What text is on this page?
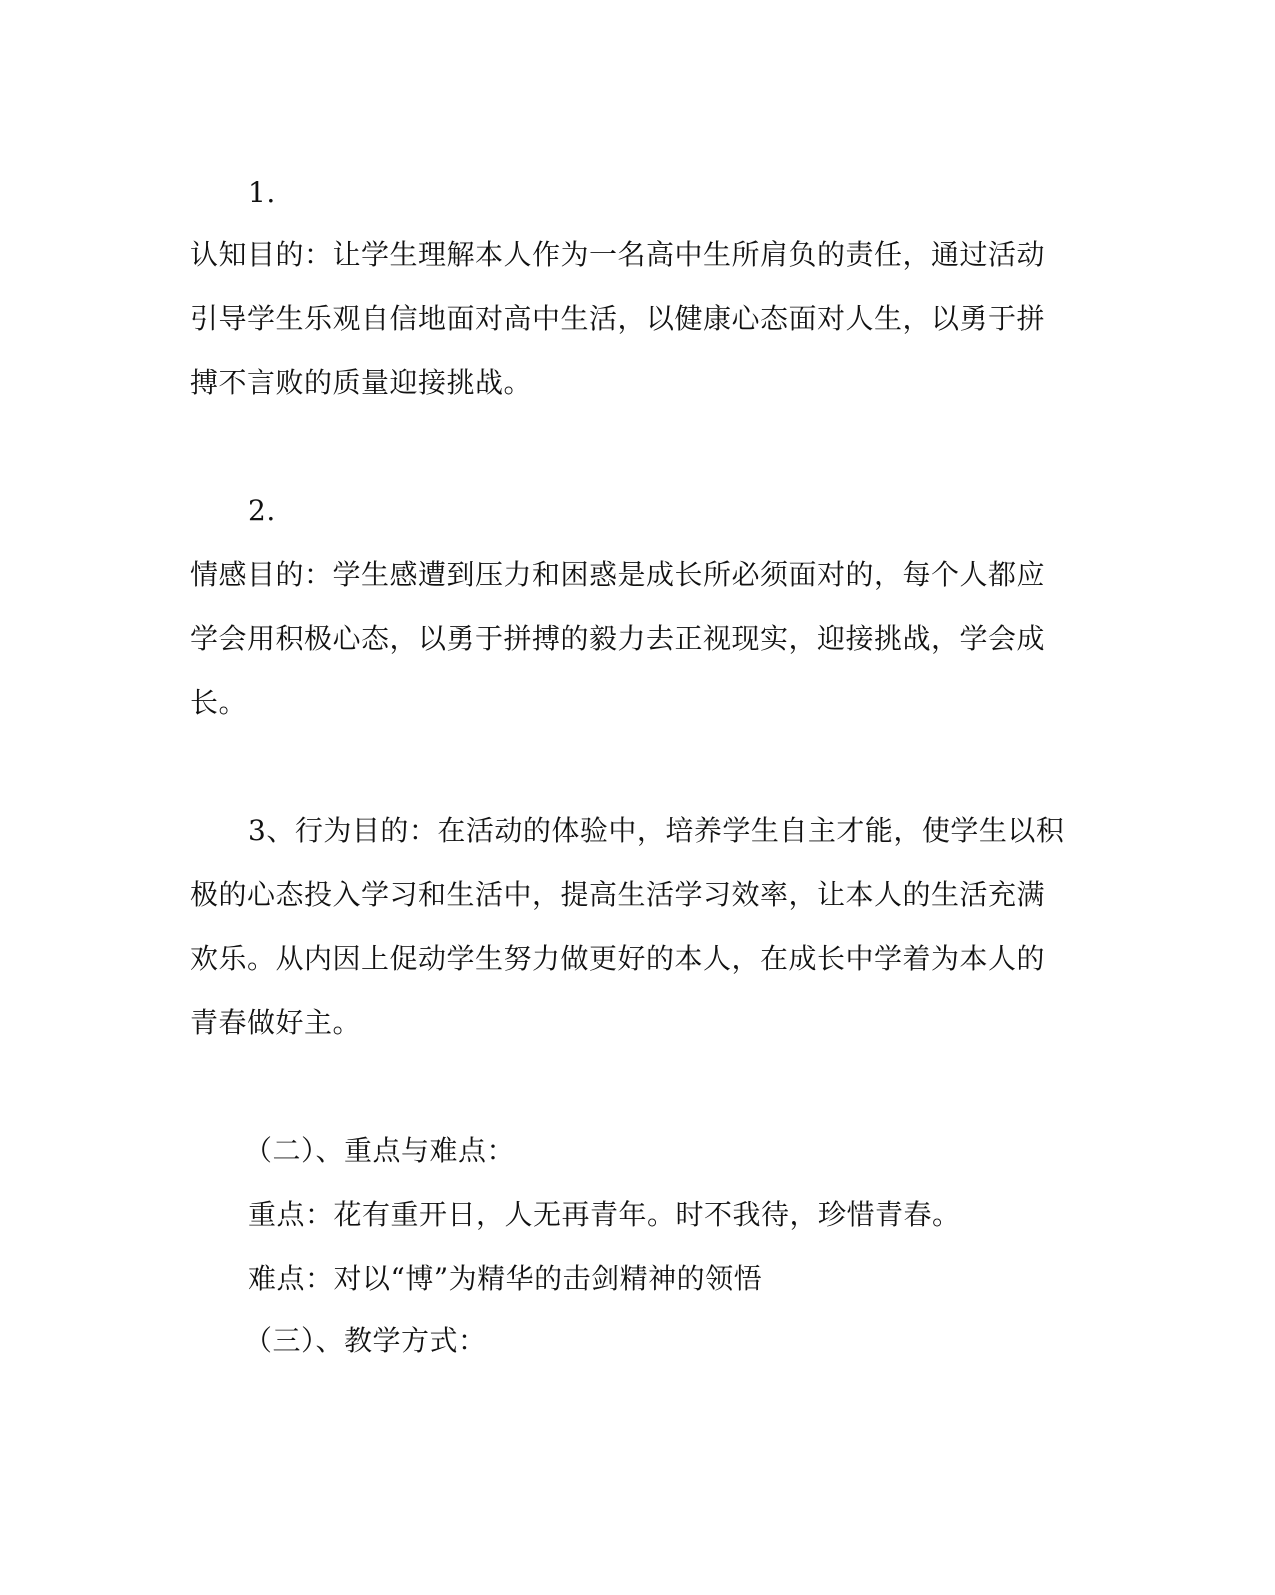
1.
认知目的：让学生理解本人作为一名高中生所肩负的责任，通过活动
引导学生乐观自信地面对高中生活，以健康心态面对人生，以勇于拼
搏不言败的质量迎接挑战。
2.
情感目的：学生感遭到压力和困惑是成长所必须面对的，每个人都应
学会用积极心态，以勇于拼搏的毅力去正视现实，迎接挑战，学会成
长。
3、行为目的：在活动的体验中，培养学生自主才能，使学生以积
极的心态投入学习和生活中，提高生活学习效率，让本人的生活充满
欢乐。从内因上促动学生努力做更好的本人，在成长中学着为本人的
青春做好主。
（二）、重点与难点：
重点：花有重开日，人无再青年。时不我待，珍惜青春。
难点：对以“博”为精华的击剑精神的领悟
（三）、教学方式：
